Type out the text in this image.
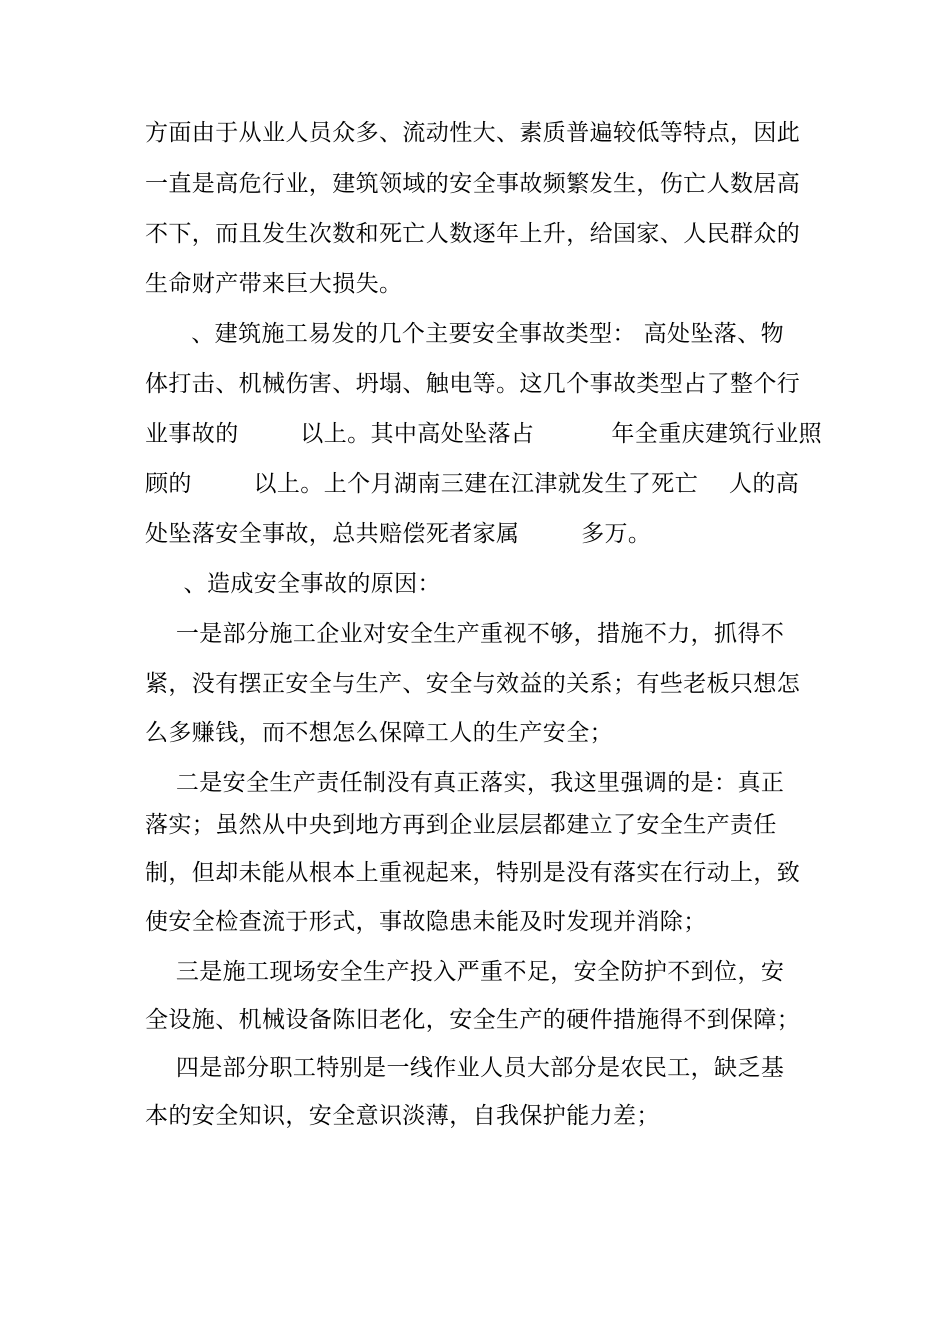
方面由于从业人员众多、流动性大、素质普遍较低等特点，因此

一直是高危行业，建筑领域的安全事故频繁发生，伤亡人数居高

不下，而且发生次数和死亡人数逐年上升，给国家、人民群众的

生命财产带来巨大损失。

、建筑施工易发的几个主要安全事故类型： 高处坠落、物

体打击、机械伤害、坍塌、触电等。这几个事故类型占了整个行

业事故的        以上。其中高处坠落占          年全重庆建筑行业照

顾的        以上。上个月湖南三建在江津就发生了死亡    人的高

处坠落安全事故，总共赔偿死者家属        多万。

、造成安全事故的原因：

一是部分施工企业对安全生产重视不够，措施不力，抓得不

紧，没有摆正安全与生产、安全与效益的关系；有些老板只想怎

么多赚钱，而不想怎么保障工人的生产安全；

二是安全生产责任制没有真正落实，我这里强调的是：真正

落实；虽然从中央到地方再到企业层层都建立了安全生产责任

制，但却未能从根本上重视起来，特别是没有落实在行动上，致

使安全检查流于形式，事故隐患未能及时发现并消除；

三是施工现场安全生产投入严重不足，安全防护不到位，安

全设施、机械设备陈旧老化，安全生产的硬件措施得不到保障；

四是部分职工特别是一线作业人员大部分是农民工，缺乏基

本的安全知识，安全意识淡薄，自我保护能力差；
